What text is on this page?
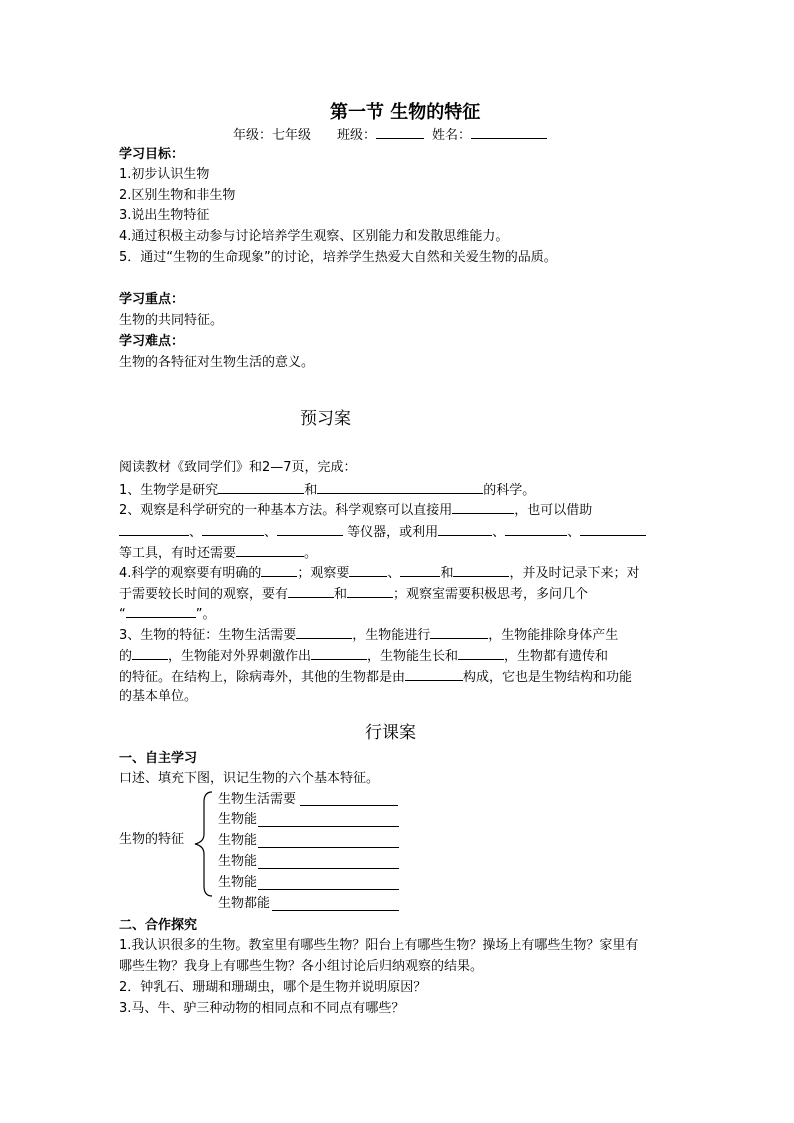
第一节 生物的特征
年级：七年级 班级：	姓名：
学习目标：
1.初步认识生物
2.区别生物和非生物
3.说出生物特征
4.通过积极主动参与讨论培养学生观察、区别能力和发散思维能力。
5．通过“生物的生命现象”的讨论，培养学生热爱大自然和关爱生物的品质。
学习重点：
生物的共同特征。
学习难点：
生物的各特征对生物生活的意义。
预习案
阅读教材《致同学们》和2—7页，完成：
1、生物学是研究	和	的科学。
2、观察是科学研究的一种基本方法。科学观察可以直接用	，也可以借助
、	、	等仪器，或利用	、	、
等工具，有时还需要	。
4.科学的观察要有明确的	；观察要	、	和	，并及时记录下来；对
于需要较长时间的观察，要有	和	；观察室需要积极思考，多问几个
“	”。
3、生物的特征：生物生活需要	，生物能进行	，生物能排除身体产生
的	，生物能对外界刺激作出	，生物能生长和	，生物都有遗传和
的特征。在结构上，除病毒外，其他的生物都是由	构成，它也是生物结构和功能
的基本单位。
行课案
一、自主学习
口述、填充下图，识记生物的六个基本特征。
生物的特征
生物生活需要
生物能
生物能
生物能
生物能
生物都能
二、合作探究
1.我认识很多的生物。教室里有哪些生物？阳台上有哪些生物？操场上有哪些生物？家里有
哪些生物？我身上有哪些生物？各小组讨论后归纳观察的结果。
2．钟乳石、珊瑚和珊瑚虫，哪个是生物并说明原因？
3.马、牛、驴三种动物的相同点和不同点有哪些？
